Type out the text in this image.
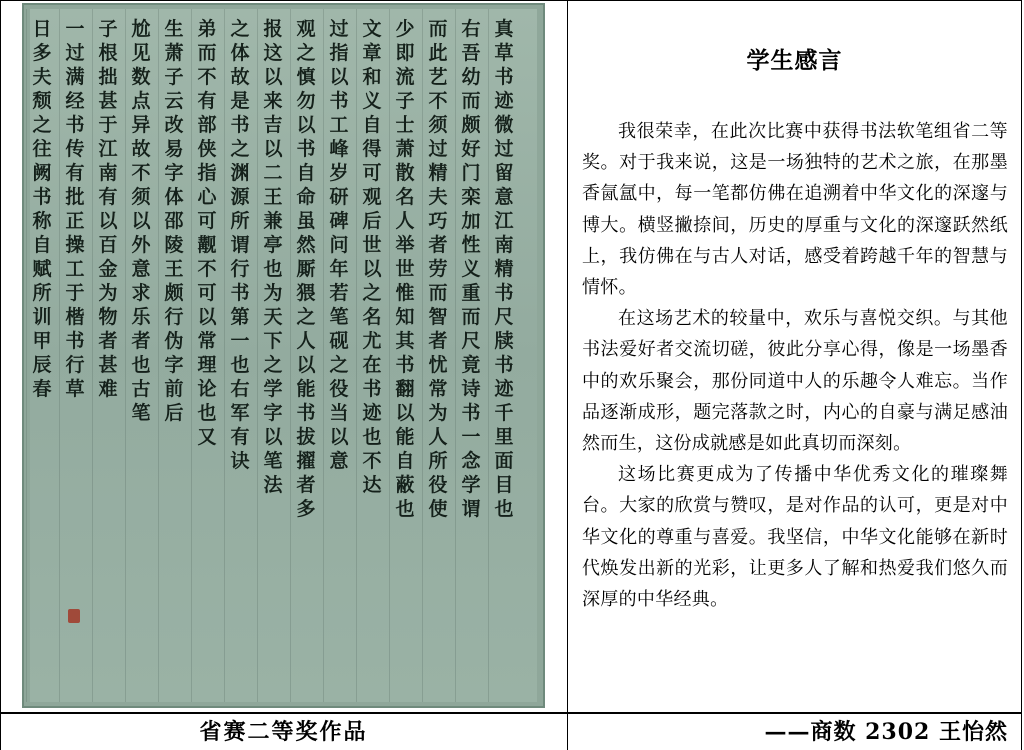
真
草
书
迹
微
过
留
意
江
南
精
书
尺
牍
书
迹
千
里
面
目
也
右
吾
幼
而
颇
好
门
栾
加
性
义
重
而
尺
竟
诗
书
一
念
学
谓
而
此
艺
不
须
过
精
夫
巧
者
劳
而
智
者
忧
常
为
人
所
役
使
少
即
流
子
士
萧
散
名
人
举
世
惟
知
其
书
翻
以
能
自
蔽
也
文
章
和
义
自
得
可
观
后
世
以
之
名
尤
在
书
迹
也
不
达
过
指
以
书
工
峰
岁
研
碑
问
年
若
笔
砚
之
役
当
以
意
观
之
慎
勿
以
书
自
命
虽
然
厮
猥
之
人
以
能
书
拔
擢
者
多
报
这
以
来
吉
以
二
王
兼
亭
也
为
天
下
之
学
字
以
笔
法
之
体
故
是
书
之
渊
源
所
谓
行
书
第
一
也
右
军
有
诀
弟
而
不
有
部
侠
指
心
可
觏
不
可
以
常
理
论
也
又
生
萧
子
云
改
易
字
体
邵
陵
王
颇
行
伪
字
前
后
尬
见
数
点
异
故
不
须
以
外
意
求
乐
者
也
古
笔
子
根
拙
甚
于
江
南
有
以
百
金
为
物
者
甚
难
一
过
满
经
书
传
有
批
正
操
工
于
楷
书
行
草
日
多
夫
颓
之
往
阙
书
称
自
赋
所
训
甲
辰
春
学生感言

我很荣幸，在此次比赛中获得书法软笔组省二等奖。对于我来说，这是一场独特的艺术之旅，在那墨香氤氲中，每一笔都仿佛在追溯着中华文化的深邃与博大。横竖撇捺间，历史的厚重与文化的深邃跃然纸上，我仿佛在与古人对话，感受着跨越千年的智慧与情怀。

在这场艺术的较量中，欢乐与喜悦交织。与其他书法爱好者交流切磋，彼此分享心得，像是一场墨香中的欢乐聚会，那份同道中人的乐趣令人难忘。当作品逐渐成形，题完落款之时，内心的自豪与满足感油然而生，这份成就感是如此真切而深刻。

这场比赛更成为了传播中华优秀文化的璀璨舞台。大家的欣赏与赞叹，是对作品的认可，更是对中华文化的尊重与喜爱。我坚信，中华文化能够在新时代焕发出新的光彩，让更多人了解和热爱我们悠久而深厚的中华经典。

省赛二等奖作品	——商数 2302 王怡然
